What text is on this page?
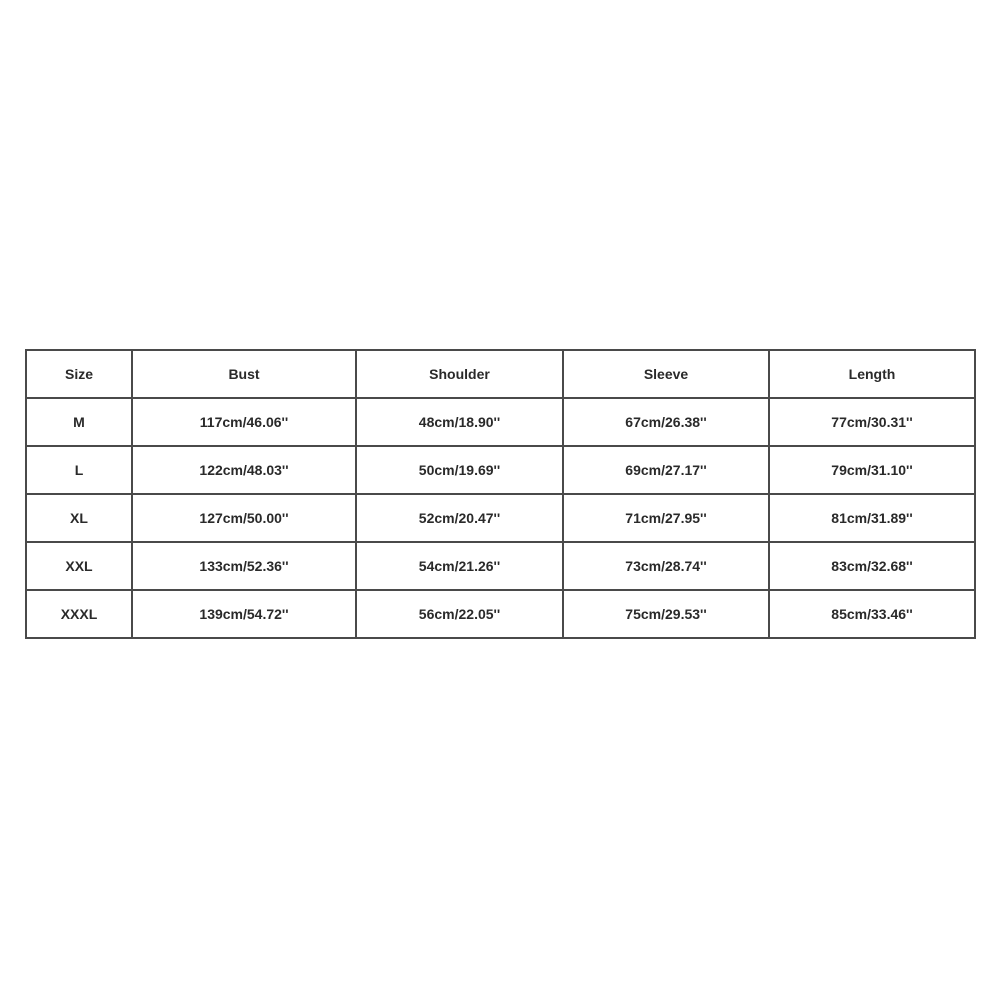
Size	Bust	Shoulder	Sleeve	Length
M	117cm/46.06''	48cm/18.90''	67cm/26.38''	77cm/30.31''
L	122cm/48.03''	50cm/19.69''	69cm/27.17''	79cm/31.10''
XL	127cm/50.00''	52cm/20.47''	71cm/27.95''	81cm/31.89''
XXL	133cm/52.36''	54cm/21.26''	73cm/28.74''	83cm/32.68''
XXXL	139cm/54.72''	56cm/22.05''	75cm/29.53''	85cm/33.46''
